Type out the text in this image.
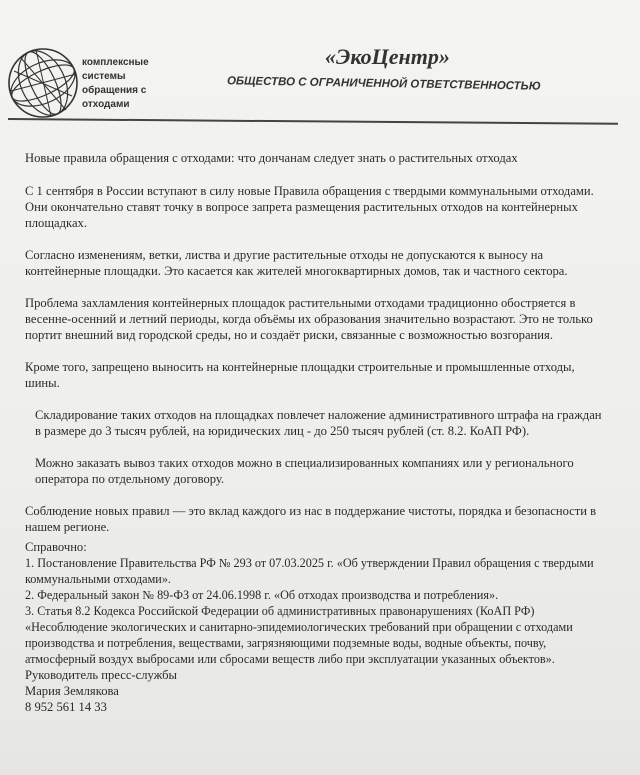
комплексные
системы
обращения с
отходами
«ЭкоЦентр»
ОБЩЕСТВО С ОГРАНИЧЕННОЙ ОТВЕТСТВЕННОСТЬЮ

Новые правила обращения с отходами: что дончанам следует знать о растительных отходах

С 1 сентября в России вступают в силу новые Правила обращения с твердыми коммунальными отходами. Они окончательно ставят точку в вопросе запрета размещения растительных отходов на контейнерных площадках.

Согласно изменениям, ветки, листва и другие растительные отходы не допускаются к выносу на контейнерные площадки. Это касается как жителей многоквартирных домов, так и частного сектора.

Проблема захламления контейнерных площадок растительными отходами традиционно обостряется в весенне-осенний и летний периоды, когда объёмы их образования значительно возрастают. Это не только портит внешний вид городской среды, но и создаёт риски, связанные с возможностью возгорания.

Кроме того, запрещено выносить на контейнерные площадки строительные и промышленные отходы, шины.

Складирование таких отходов на площадках повлечет наложение административного штрафа на граждан в размере до 3 тысяч рублей, на юридических лиц - до 250 тысяч рублей (ст. 8.2. КоАП РФ).

Можно заказать вывоз таких отходов можно в специализированных компаниях или у регионального оператора по отдельному договору.

Соблюдение новых правил — это вклад каждого из нас в поддержание чистоты, порядка и безопасности в нашем регионе.

Справочно:

1. Постановление Правительства РФ № 293 от 07.03.2025 г. «Об утверждении Правил обращения с твердыми коммунальными отходами».

2. Федеральный закон № 89-ФЗ от 24.06.1998 г. «Об отходах производства и потребления».

3. Статья 8.2 Кодекса Российской Федерации об административных правонарушениях (КоАП РФ) «Несоблюдение экологических и санитарно-эпидемиологических требований при обращении с отходами производства и потребления, веществами, загрязняющими подземные воды, водные объекты, почву, атмосферный воздух выбросами или сбросами веществ либо при эксплуатации указанных объектов».

Руководитель пресс-службы

Мария Землякова

8 952 561 14 33
